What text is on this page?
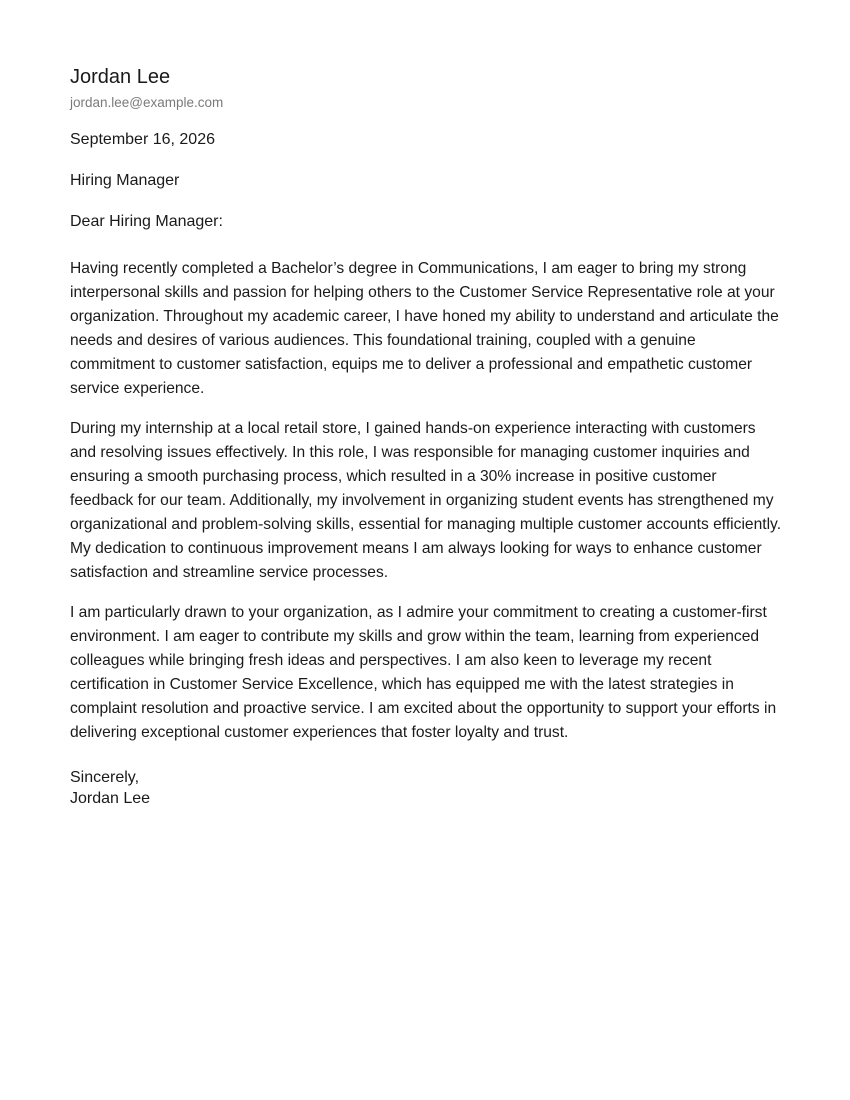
Jordan Lee
jordan.lee@example.com
September 16, 2026
Hiring Manager
Dear Hiring Manager:

Having recently completed a Bachelor’s degree in Communications, I am eager to bring my strong interpersonal skills and passion for helping others to the Customer Service Representative role at your organization. Throughout my academic career, I have honed my ability to understand and articulate the needs and desires of various audiences. This foundational training, coupled with a genuine commitment to customer satisfaction, equips me to deliver a professional and empathetic customer service experience.

During my internship at a local retail store, I gained hands-on experience interacting with customers and resolving issues effectively. In this role, I was responsible for managing customer inquiries and ensuring a smooth purchasing process, which resulted in a 30% increase in positive customer feedback for our team. Additionally, my involvement in organizing student events has strengthened my organizational and problem-solving skills, essential for managing multiple customer accounts efficiently. My dedication to continuous improvement means I am always looking for ways to enhance customer satisfaction and streamline service processes.

I am particularly drawn to your organization, as I admire your commitment to creating a customer-first environment. I am eager to contribute my skills and grow within the team, learning from experienced colleagues while bringing fresh ideas and perspectives. I am also keen to leverage my recent certification in Customer Service Excellence, which has equipped me with the latest strategies in complaint resolution and proactive service. I am excited about the opportunity to support your efforts in delivering exceptional customer experiences that foster loyalty and trust.

Sincerely,
Jordan Lee
